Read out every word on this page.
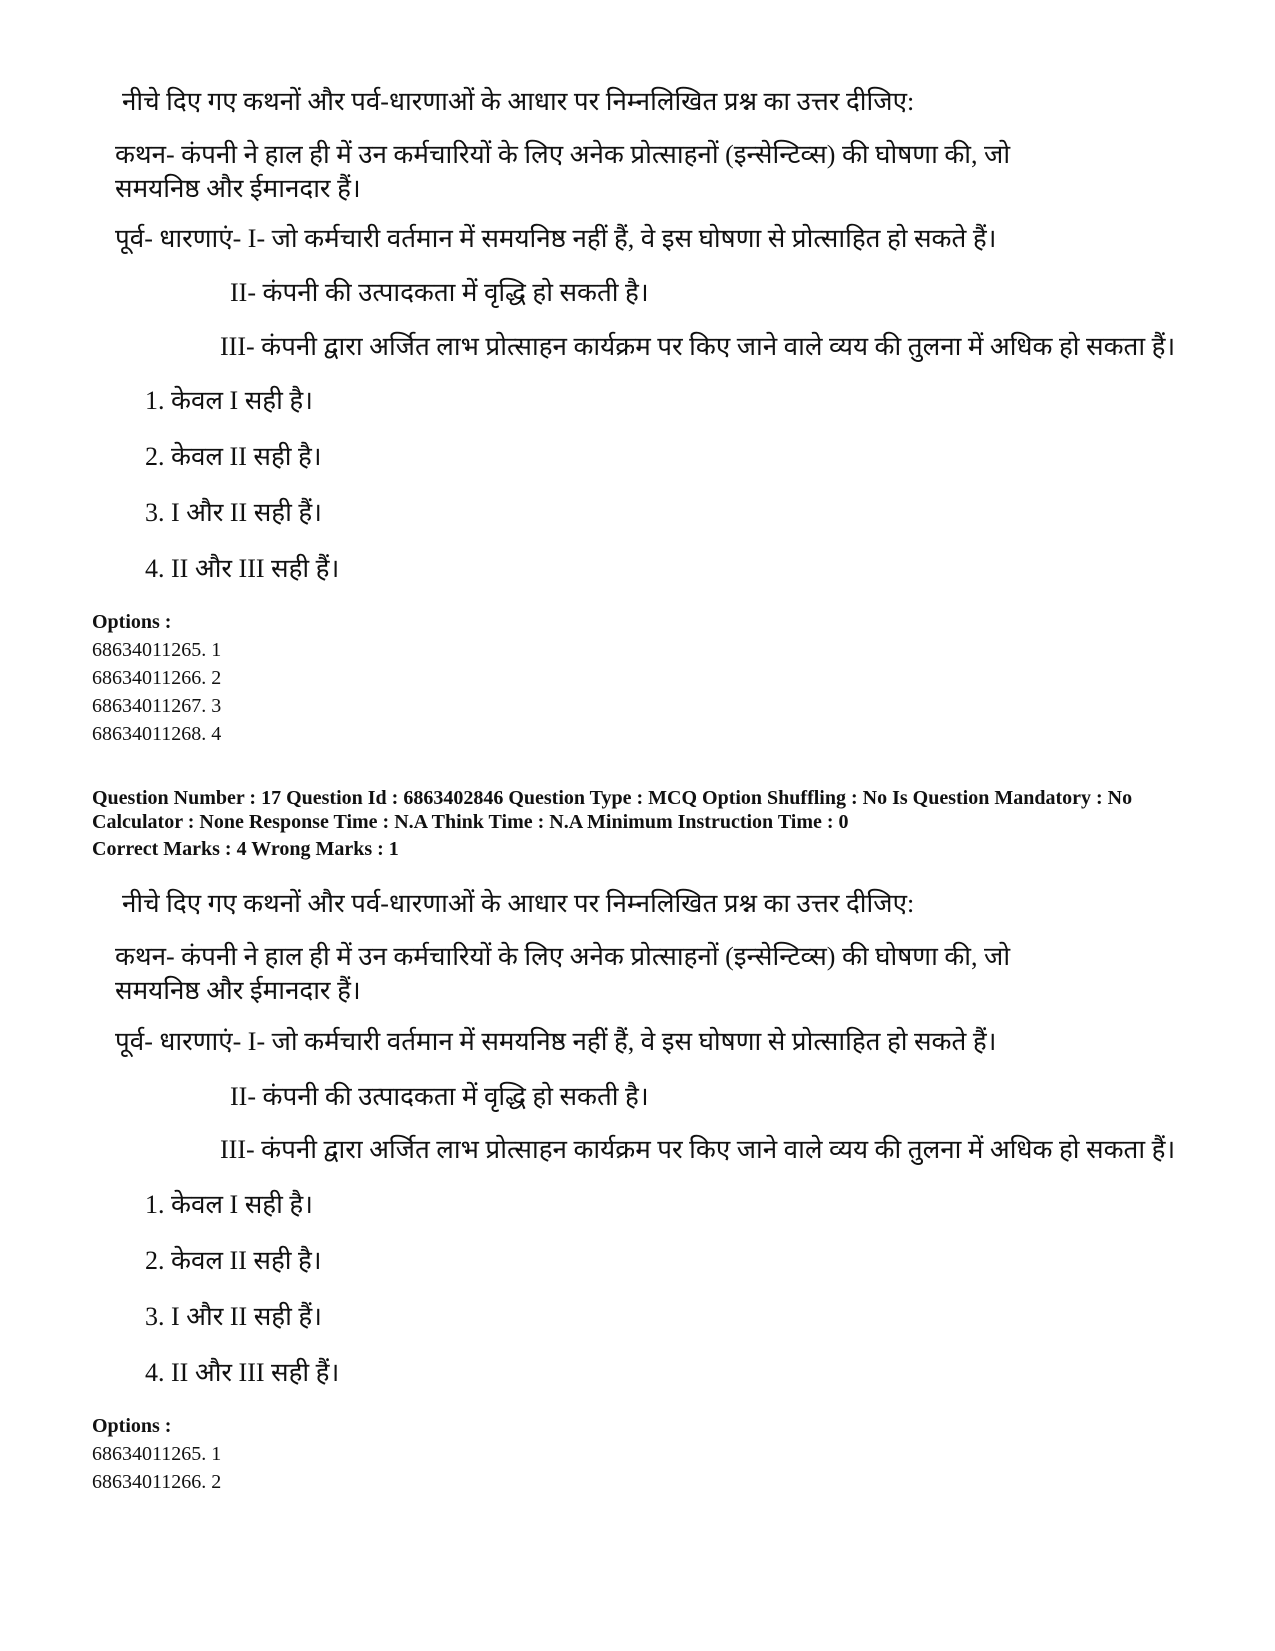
नीचे दिए गए कथनों और पर्व-धारणाओं के आधार पर निम्नलिखित प्रश्न का उत्तर दीजिए:
कथन- कंपनी ने हाल ही में उन कर्मचारियों के लिए अनेक प्रोत्साहनों (इन्सेन्टिव्स) की घोषणा की, जो समयनिष्ठ और ईमानदार हैं।
पूर्व- धारणाएं- I- जो कर्मचारी वर्तमान में समयनिष्ठ नहीं हैं, वे इस घोषणा से प्रोत्साहित हो सकते हैं।
II- कंपनी की उत्पादकता में वृद्धि हो सकती है।
III- कंपनी द्वारा अर्जित लाभ प्रोत्साहन कार्यक्रम पर किए जाने वाले व्यय की तुलना में अधिक हो सकता हैं।
1. केवल I सही है।
2. केवल II सही है।
3. I और II सही हैं।
4. II और III सही हैं।
Options :
68634011265. 1
68634011266. 2
68634011267. 3
68634011268. 4
Question Number : 17 Question Id : 6863402846 Question Type : MCQ Option Shuffling : No Is Question Mandatory : No Calculator : None Response Time : N.A Think Time : N.A Minimum Instruction Time : 0
Correct Marks : 4 Wrong Marks : 1
नीचे दिए गए कथनों और पर्व-धारणाओं के आधार पर निम्नलिखित प्रश्न का उत्तर दीजिए:
कथन- कंपनी ने हाल ही में उन कर्मचारियों के लिए अनेक प्रोत्साहनों (इन्सेन्टिव्स) की घोषणा की, जो समयनिष्ठ और ईमानदार हैं।
पूर्व- धारणाएं- I- जो कर्मचारी वर्तमान में समयनिष्ठ नहीं हैं, वे इस घोषणा से प्रोत्साहित हो सकते हैं।
II- कंपनी की उत्पादकता में वृद्धि हो सकती है।
III- कंपनी द्वारा अर्जित लाभ प्रोत्साहन कार्यक्रम पर किए जाने वाले व्यय की तुलना में अधिक हो सकता हैं।
1. केवल I सही है।
2. केवल II सही है।
3. I और II सही हैं।
4. II और III सही हैं।
Options :
68634011265. 1
68634011266. 2
